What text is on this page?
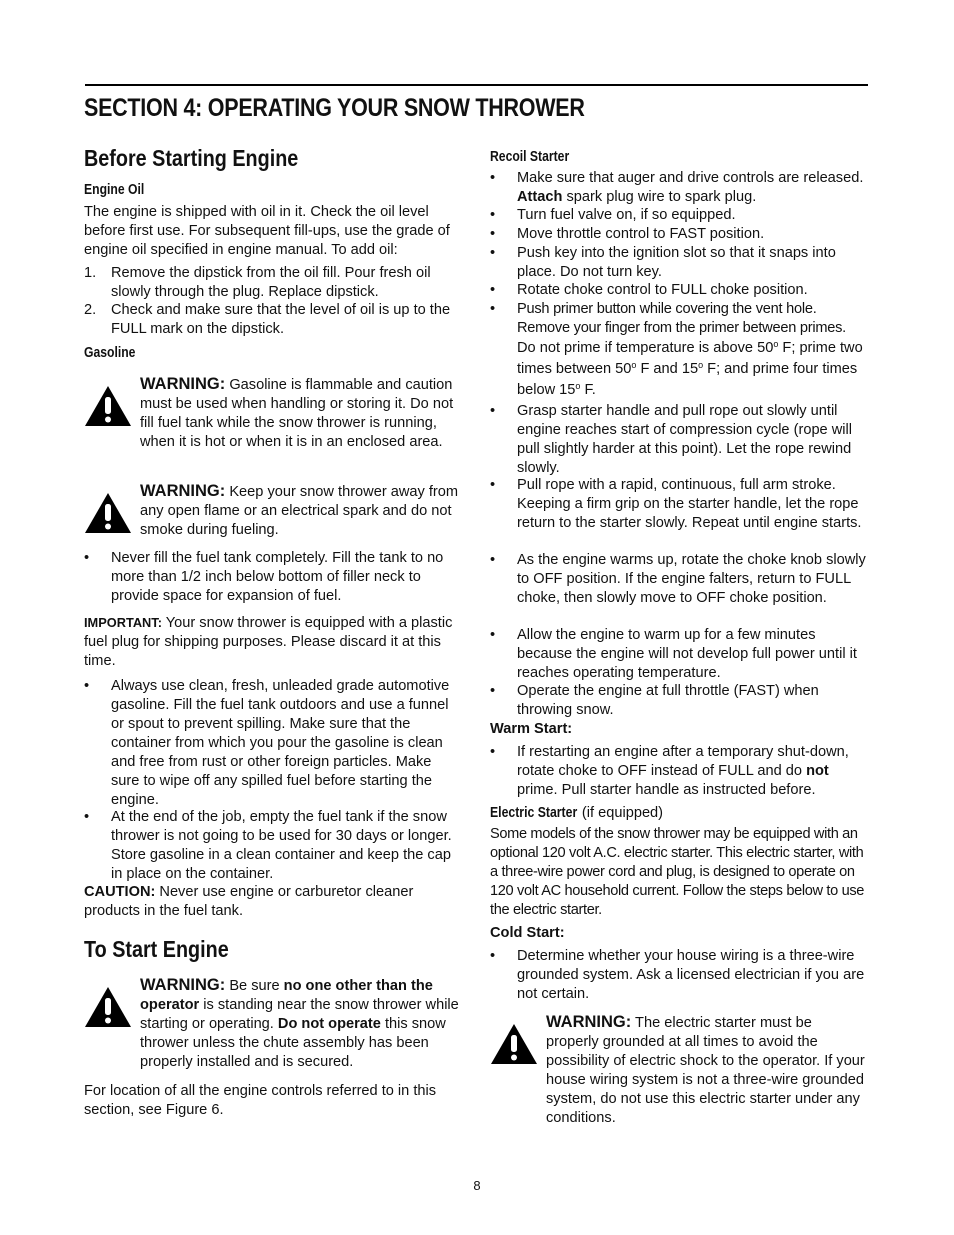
SECTION 4: OPERATING YOUR SNOW THROWER
Before Starting Engine
Engine Oil

The engine is shipped with oil in it. Check the oil level before first use. For subsequent fill-ups, use the grade of engine oil specified in engine manual. To add oil:

1.	Remove the dipstick from the oil fill. Pour fresh oil slowly through the plug. Replace dipstick.
2.	Check and make sure that the level of oil is up to the FULL mark on the dipstick.
Gasoline
WARNING: Gasoline is flammable and caution must be used when handling or storing it. Do not fill fuel tank while the snow thrower is running, when it is hot or when it is in an enclosed area.
WARNING: Keep your snow thrower away from any open flame or an electrical spark and do not smoke during fueling.
•	Never fill the fuel tank completely. Fill the tank to no more than 1/2 inch below bottom of filler neck to provide space for expansion of fuel.

IMPORTANT: Your snow thrower is equipped with a plastic fuel plug for shipping purposes. Please discard it at this time.

•	Always use clean, fresh, unleaded grade automotive gasoline. Fill the fuel tank outdoors and use a funnel or spout to prevent spilling. Make sure that the container from which you pour the gasoline is clean and free from rust or other foreign particles. Make sure to wipe off any spilled fuel before starting the engine.
•	At the end of the job, empty the fuel tank if the snow thrower is not going to be used for 30 days or longer. Store gasoline in a clean container and keep the cap in place on the container.

CAUTION: Never use engine or carburetor cleaner products in the fuel tank.

To Start Engine
WARNING: Be sure no one other than the operator is standing near the snow thrower while starting or operating. Do not operate this snow thrower unless the chute assembly has been properly installed and is secured.

For location of all the engine controls referred to in this section, see Figure 6.

Recoil Starter
•	Make sure that auger and drive controls are released. Attach spark plug wire to spark plug.
•	Turn fuel valve on, if so equipped.
•	Move throttle control to FAST position.
•	Push key into the ignition slot so that it snaps into place. Do not turn key.
•	Rotate choke control to FULL choke position.
•	Push primer button while covering the vent hole. Remove your finger from the primer between primes.
Do not prime if temperature is above 50$^o$ F; prime two times between 50$^o$ F and 15$^o$ F; and prime four times below 15$^o$ F.
•	Grasp starter handle and pull rope out slowly until engine reaches start of compression cycle (rope will pull slightly harder at this point). Let the rope rewind slowly.
•	Pull rope with a rapid, continuous, full arm stroke. Keeping a firm grip on the starter handle, let the rope return to the starter slowly. Repeat until engine starts.
•	As the engine warms up, rotate the choke knob slowly to OFF position. If the engine falters, return to FULL choke, then slowly move to OFF choke position.
•	Allow the engine to warm up for a few minutes because the engine will not develop full power until it reaches operating temperature.
•	Operate the engine at full throttle (FAST) when throwing snow.

Warm Start:

•	If restarting an engine after a temporary shut-down, rotate choke to OFF instead of FULL and do not prime. Pull starter handle as instructed before.

Electric Starter (if equipped)

Some models of the snow thrower may be equipped with an optional 120 volt A.C. electric starter. This electric starter, with a three-wire power cord and plug, is designed to operate on 120 volt AC household current. Follow the steps below to use the electric starter.

Cold Start:

•	Determine whether your house wiring is a three-wire grounded system. Ask a licensed electrician if you are not certain.
WARNING: The electric starter must be properly grounded at all times to avoid the possibility of electric shock to the operator. If your house wiring system is not a three-wire grounded system, do not use this electric starter under any conditions.
8
